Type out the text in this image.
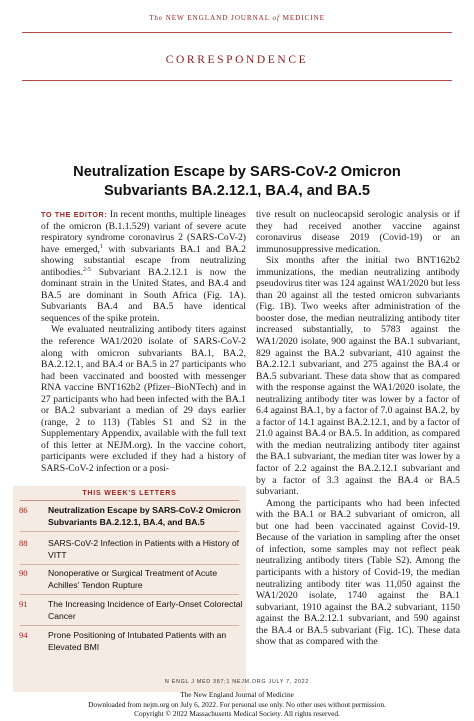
The NEW ENGLAND JOURNAL of MEDICINE
CORRESPONDENCE
Neutralization Escape by SARS-CoV-2 Omicron
Subvariants BA.2.12.1, BA.4, and BA.5

TO THE EDITOR: In recent months, multiple lineages of the omicron (B.1.1.529) variant of severe acute respiratory syndrome coronavirus 2 (SARS-CoV-2) have emerged,$^1$ with subvariants BA.1 and BA.2 showing substantial escape from neutralizing antibodies.$^{2-5}$ Subvariant BA.2.12.1 is now the dominant strain in the United States, and BA.4 and BA.5 are dominant in South Africa (Fig. 1A). Subvariants BA.4 and BA.5 have identical sequences of the spike protein.

We evaluated neutralizing antibody titers against the reference WA1/2020 isolate of SARS-CoV-2 along with omicron subvariants BA.1, BA.2, BA.2.12.1, and BA.4 or BA.5 in 27 participants who had been vaccinated and boosted with messenger RNA vaccine BNT162b2 (Pfizer–BioNTech) and in 27 participants who had been infected with the BA.1 or BA.2 subvariant a median of 29 days earlier (range, 2 to 113) (Tables S1 and S2 in the Supplementary Appendix, available with the full text of this letter at NEJM.org). In the vaccine cohort, participants were excluded if they had a history of SARS-CoV-2 infection or a posi-

tive result on nucleocapsid serologic analysis or if they had received another vaccine against coronavirus disease 2019 (Covid-19) or an immunosuppressive medication.

Six months after the initial two BNT162b2 immunizations, the median neutralizing antibody pseudovirus titer was 124 against WA1/2020 but less than 20 against all the tested omicron subvariants (Fig. 1B). Two weeks after administration of the booster dose, the median neutralizing antibody titer increased substantially, to 5783 against the WA1/2020 isolate, 900 against the BA.1 subvariant, 829 against the BA.2 subvariant, 410 against the BA.2.12.1 subvariant, and 275 against the BA.4 or BA.5 subvariant. These data show that as compared with the response against the WA1/2020 isolate, the neutralizing antibody titer was lower by a factor of 6.4 against BA.1, by a factor of 7.0 against BA.2, by a factor of 14.1 against BA.2.12.1, and by a factor of 21.0 against BA.4 or BA.5. In addition, as compared with the median neutralizing antibody titer against the BA.1 subvariant, the median titer was lower by a factor of 2.2 against the BA.2.12.1 subvariant and by a factor of 3.3 against the BA.4 or BA.5 subvariant.

Among the participants who had been infected with the BA.1 or BA.2 subvariant of omicron, all but one had been vaccinated against Covid-19. Because of the variation in sampling after the onset of infection, some samples may not reflect peak neutralizing antibody titers (Table S2). Among the participants with a history of Covid-19, the median neutralizing antibody titer was 11,050 against the WA1/2020 isolate, 1740 against the BA.1 subvariant, 1910 against the BA.2 subvariant, 1150 against the BA.2.12.1 subvariant, and 590 against the BA.4 or BA.5 subvariant (Fig. 1C). These data show that as compared with the

THIS WEEK'S LETTERS
86	Neutralization Escape by SARS-CoV-2 Omicron Subvariants BA.2.12.1, BA.4, and BA.5
88	SARS-CoV-2 Infection in Patients with a History of VITT
90	Nonoperative or Surgical Treatment of Acute Achilles' Tendon Rupture
91	The Increasing Incidence of Early-Onset Colorectal Cancer
94	Prone Positioning of Intubated Patients with an Elevated BMI
N ENGL J MED 387;1 NEJM.ORG JULY 7, 2022
The New England Journal of Medicine
Downloaded from nejm.org on July 6, 2022. For personal use only. No other uses without permission.
Copyright © 2022 Massachusetts Medical Society. All rights reserved.
